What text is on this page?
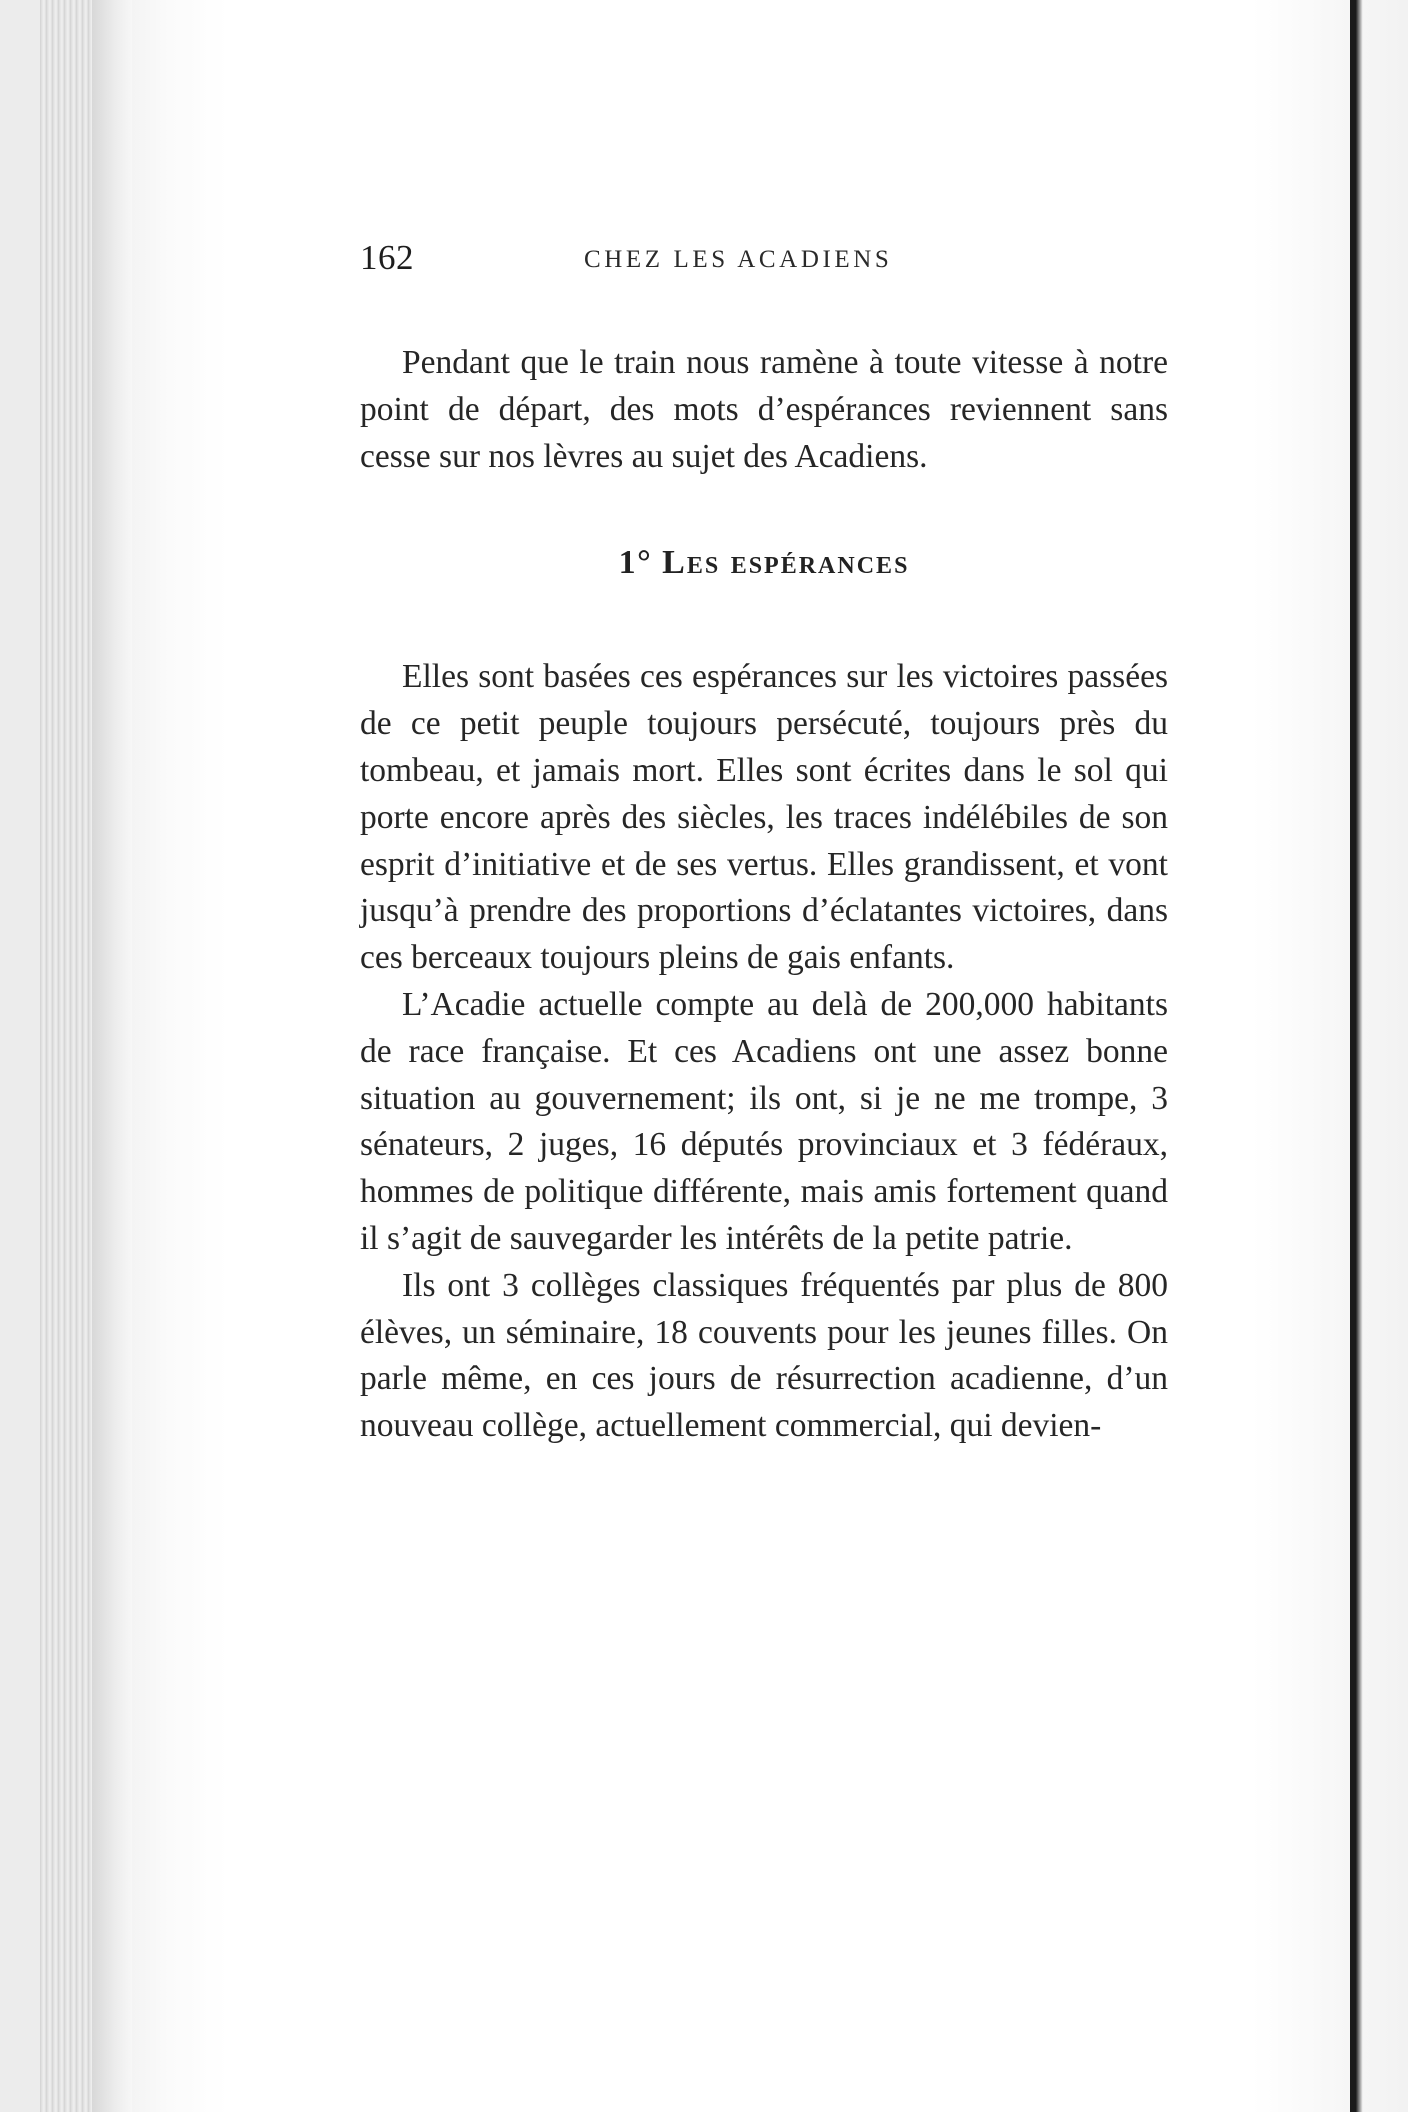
162	CHEZ LES ACADIENS

Pendant que le train nous ramène à toute vitesse à notre point de départ, des mots d’espérances reviennent sans cesse sur nos lèvres au sujet des Acadiens.

1° Les espérances

Elles sont basées ces espérances sur les victoires passées de ce petit peuple toujours persécuté, toujours près du tombeau, et jamais mort. Elles sont écrites dans le sol qui porte encore après des siècles, les traces indélébiles de son esprit d’initiative et de ses vertus. Elles grandissent, et vont jusqu’à prendre des proportions d’éclatantes victoires, dans ces berceaux toujours pleins de gais enfants.

L’Acadie actuelle compte au delà de 200,000 habitants de race française. Et ces Acadiens ont une assez bonne situation au gouvernement; ils ont, si je ne me trompe, 3 sénateurs, 2 juges, 16 députés provinciaux et 3 fédéraux, hommes de politique différente, mais amis fortement quand il s’agit de sauvegarder les intérêts de la petite patrie.

Ils ont 3 collèges classiques fréquentés par plus de 800 élèves, un séminaire, 18 couvents pour les jeunes filles. On parle même, en ces jours de résurrection acadienne, d’un nouveau collège, actuellement commercial, qui devien-
